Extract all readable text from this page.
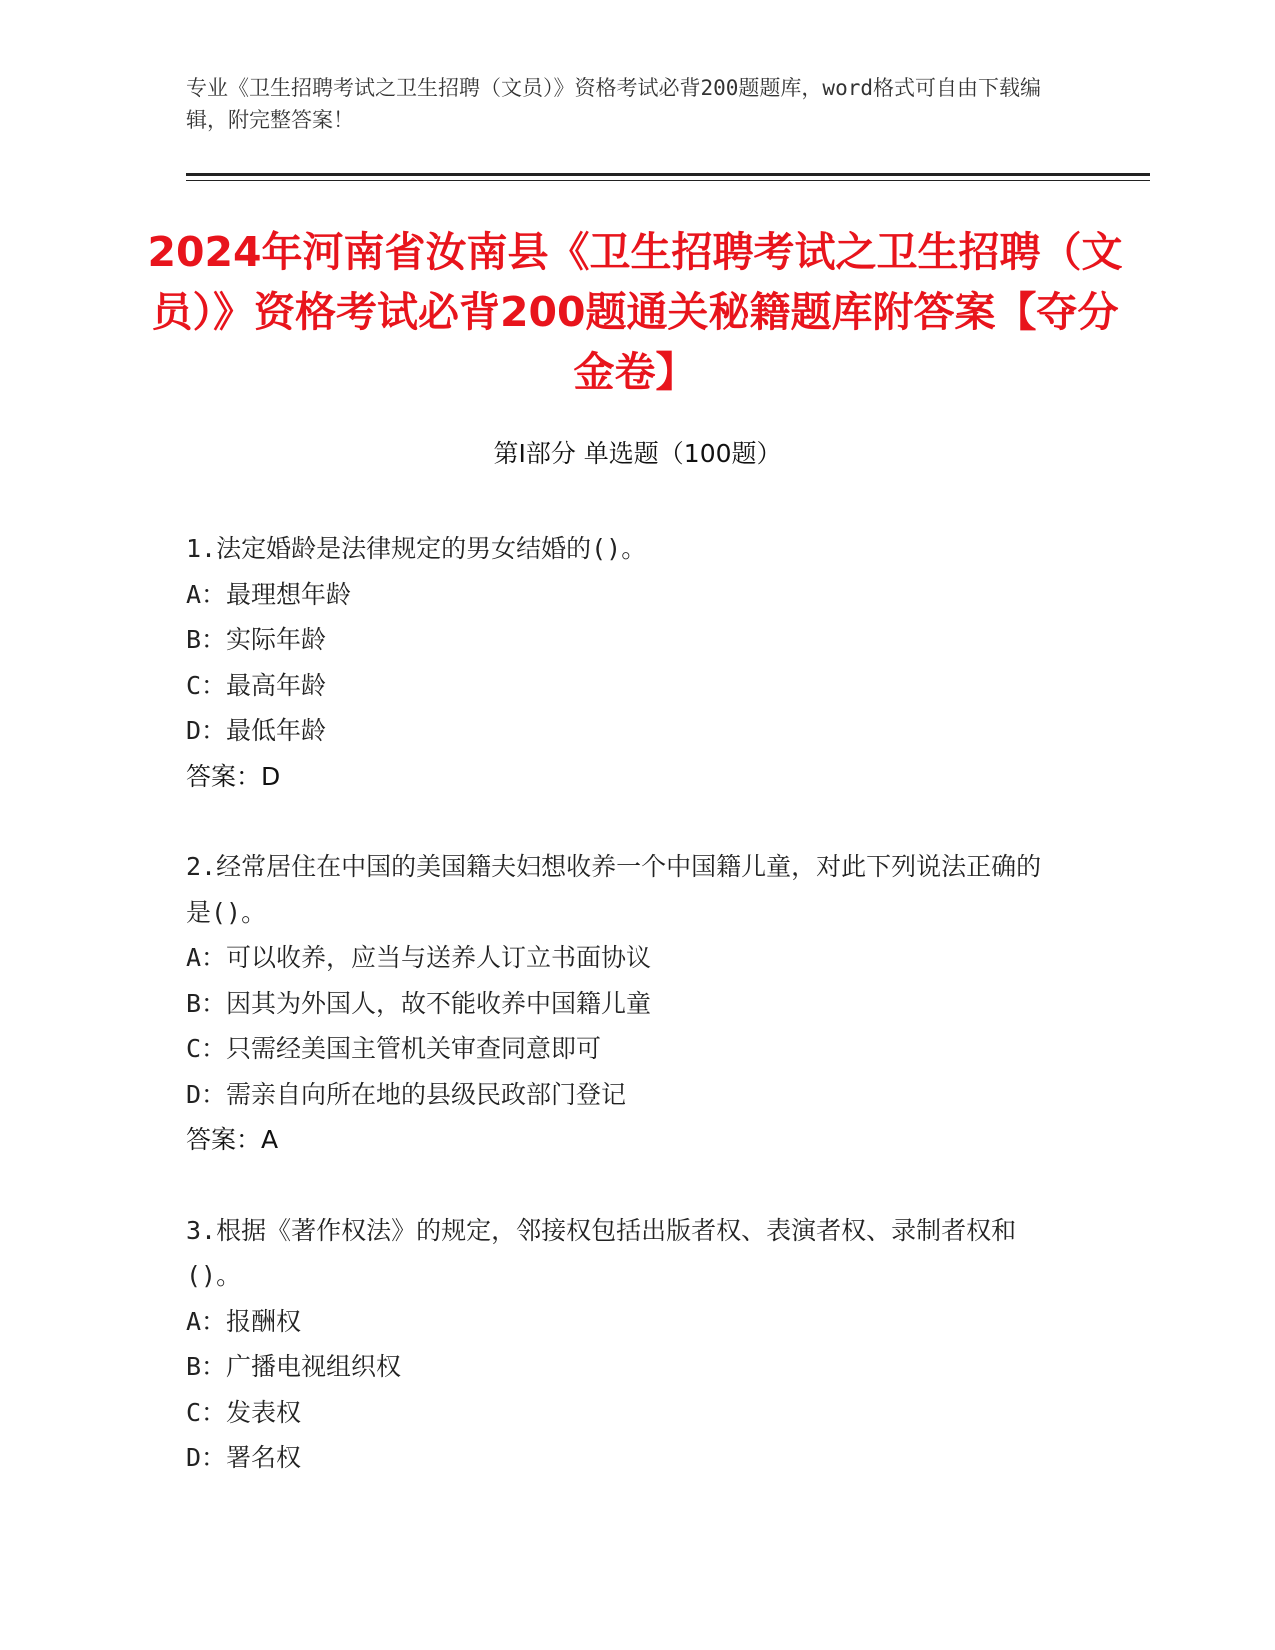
专业《卫生招聘考试之卫生招聘（文员）》资格考试必背200题题库，word格式可自由下载编辑，附完整答案！
2024年河南省汝南县《卫生招聘考试之卫生招聘（文员）》资格考试必背200题通关秘籍题库附答案【夺分金卷】
第I部分 单选题（100题）

1.法定婚龄是法律规定的男女结婚的()。

A：最理想年龄

B：实际年龄

C：最高年龄

D：最低年龄

答案：D

2.经常居住在中国的美国籍夫妇想收养一个中国籍儿童，对此下列说法正确的是()。

A：可以收养，应当与送养人订立书面协议

B：因其为外国人，故不能收养中国籍儿童

C：只需经美国主管机关审查同意即可

D：需亲自向所在地的县级民政部门登记

答案：A

3.根据《著作权法》的规定，邻接权包括出版者权、表演者权、录制者权和()。

A：报酬权

B：广播电视组织权

C：发表权

D：署名权
